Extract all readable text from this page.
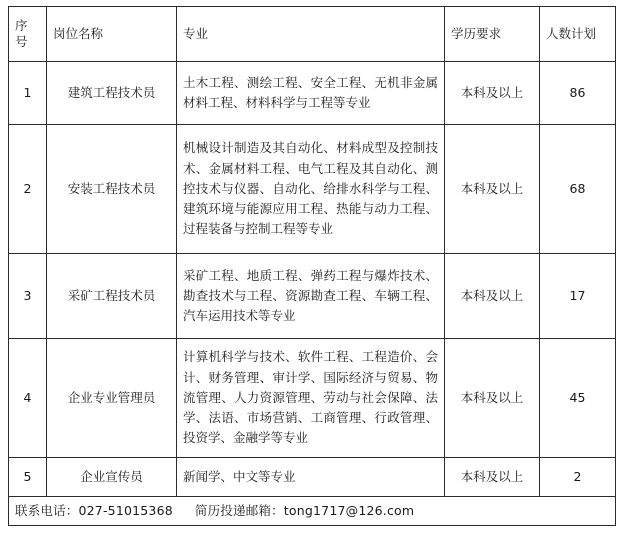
序号	岗位名称	专业	学历要求	人数计划

1	建筑工程技术员	土木工程、测绘工程、安全工程、无机非金属材料工程、材料科学与工程等专业	本科及以上	86
2	安装工程技术员	机械设计制造及其自动化、材料成型及控制技术、金属材料工程、电气工程及其自动化、测控技术与仪器、自动化、给排水科学与工程、建筑环境与能源应用工程、热能与动力工程、过程装备与控制工程等专业	本科及以上	68
3	采矿工程技术员	采矿工程、地质工程、弹药工程与爆炸技术、勘查技术与工程、资源勘查工程、车辆工程、汽车运用技术等专业	本科及以上	17
4	企业专业管理员	计算机科学与技术、软件工程、工程造价、会计、财务管理、审计学、国际经济与贸易、物流管理、人力资源管理、劳动与社会保障、法学、法语、市场营销、工商管理、行政管理、投资学、金融学等专业	本科及以上	45
5	企业宣传员	新闻学、中文等专业	本科及以上	2
联系电话：027-51015368 简历投递邮箱：tong1717@126.com				
